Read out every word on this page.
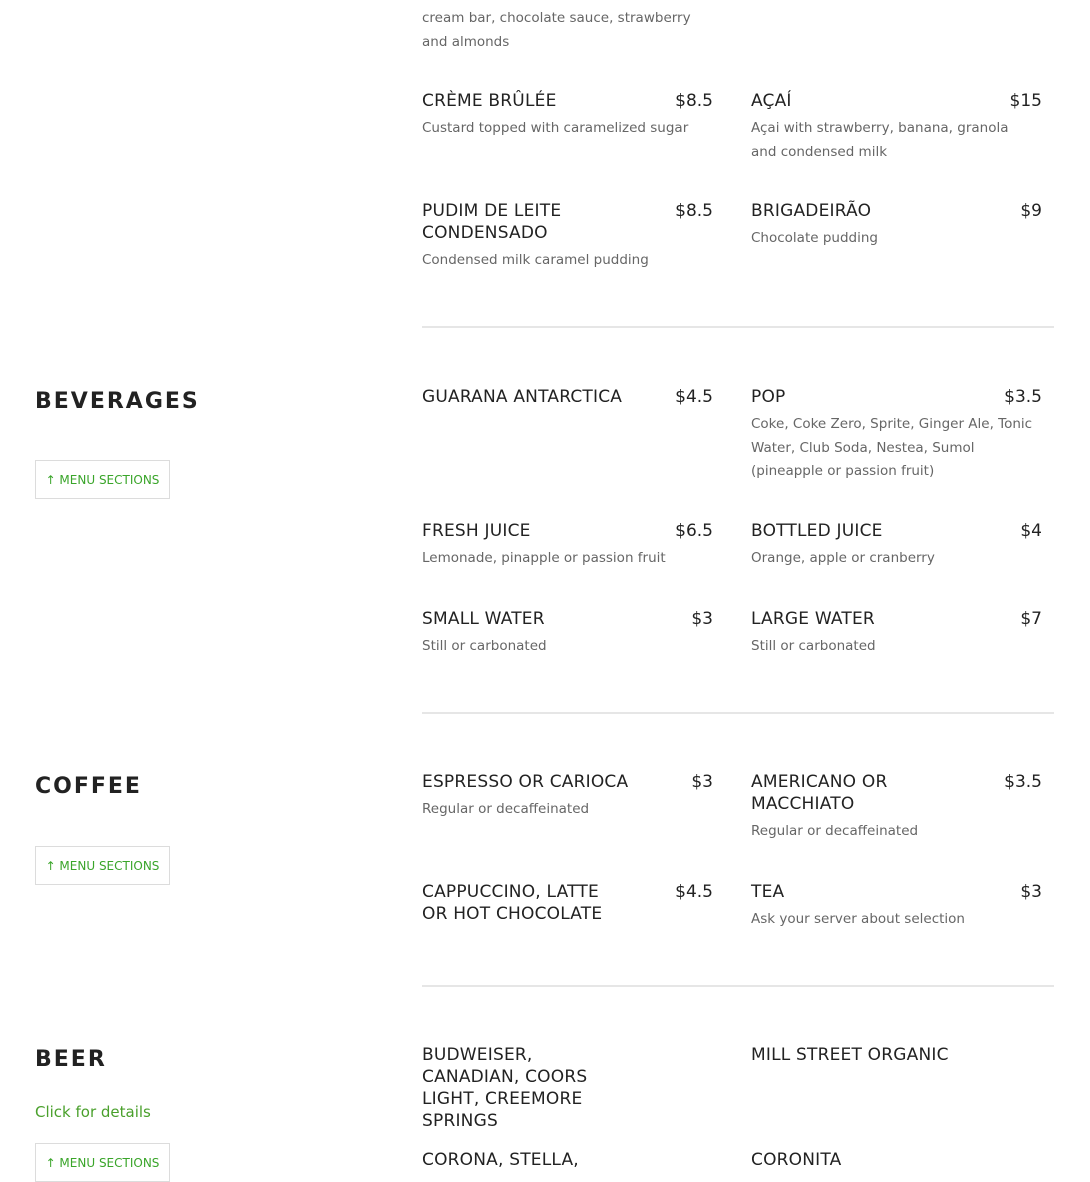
cream bar, chocolate sauce, strawberry and almonds
CRÈME BRÛLÉE	$8.5
Custard topped with caramelized sugar
AÇAÍ	$15
Açai with strawberry, banana, granola and condensed milk
PUDIM DE LEITE CONDENSADO
$8.5
Condensed milk caramel pudding
BRIGADEIRÃO	$9
Chocolate pudding
BEVERAGES
↑ MENU SECTIONS
GUARANA ANTARCTICA	$4.5 POP	$3.5
Coke, Coke Zero, Sprite, Ginger Ale, Tonic Water, Club Soda, Nestea, Sumol (pineapple or passion fruit)
FRESH JUICE	$6.5
Lemonade, pinapple or passion fruit
BOTTLED JUICE	$4
Orange, apple or cranberry
SMALL WATER	$3
Still or carbonated
LARGE WATER	$7
Still or carbonated
COFFEE
↑ MENU SECTIONS
ESPRESSO OR CARIOCA	$3
Regular or decaffeinated
AMERICANO OR MACCHIATO
$3.5
Regular or decaffeinated
CAPPUCCINO, LATTE OR HOT CHOCOLATE
$4.5 TEA	$3
Ask your server about selection
BEER
Click for details
↑ MENU SECTIONS
BUDWEISER, CANADIAN, COORS LIGHT, CREEMORE SPRINGS
MILL STREET ORGANIC
CORONA, STELLA,	CORONITA
